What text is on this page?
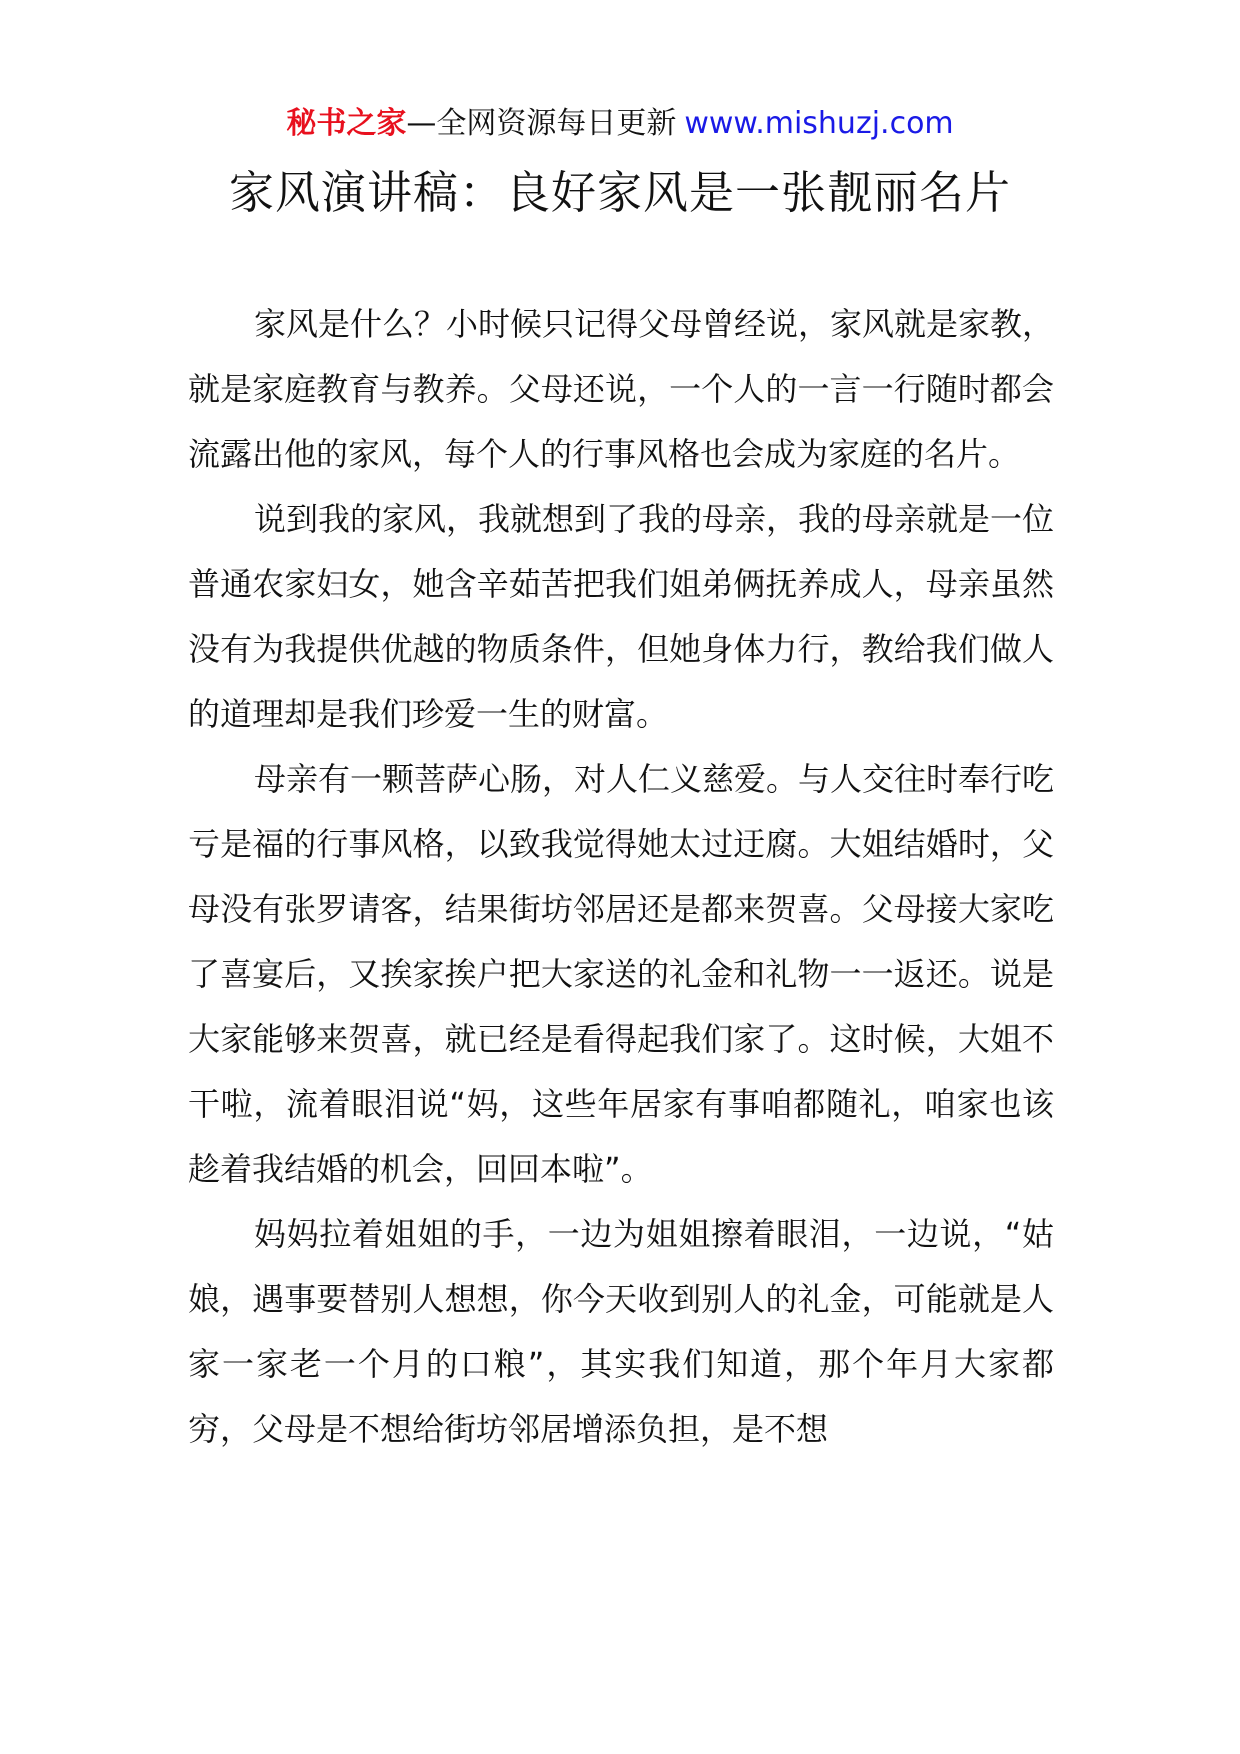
秘书之家—全网资源每日更新 www.mishuzj.com
家风演讲稿：良好家风是一张靓丽名片

家风是什么？小时候只记得父母曾经说，家风就是家教，就是家庭教育与教养。父母还说，一个人的一言一行随时都会流露出他的家风，每个人的行事风格也会成为家庭的名片。

说到我的家风，我就想到了我的母亲，我的母亲就是一位普通农家妇女，她含辛茹苦把我们姐弟俩抚养成人，母亲虽然没有为我提供优越的物质条件，但她身体力行，教给我们做人的道理却是我们珍爱一生的财富。

母亲有一颗菩萨心肠，对人仁义慈爱。与人交往时奉行吃亏是福的行事风格，以致我觉得她太过迂腐。大姐结婚时，父母没有张罗请客，结果街坊邻居还是都来贺喜。父母接大家吃了喜宴后，又挨家挨户把大家送的礼金和礼物一一返还。说是大家能够来贺喜，就已经是看得起我们家了。这时候，大姐不干啦，流着眼泪说“妈，这些年居家有事咱都随礼，咱家也该趁着我结婚的机会，回回本啦”。

妈妈拉着姐姐的手，一边为姐姐擦着眼泪，一边说，“姑娘，遇事要替别人想想，你今天收到别人的礼金，可能就是人家一家老一个月的口粮”，其实我们知道，那个年月大家都穷，父母是不想给街坊邻居增添负担，是不想
